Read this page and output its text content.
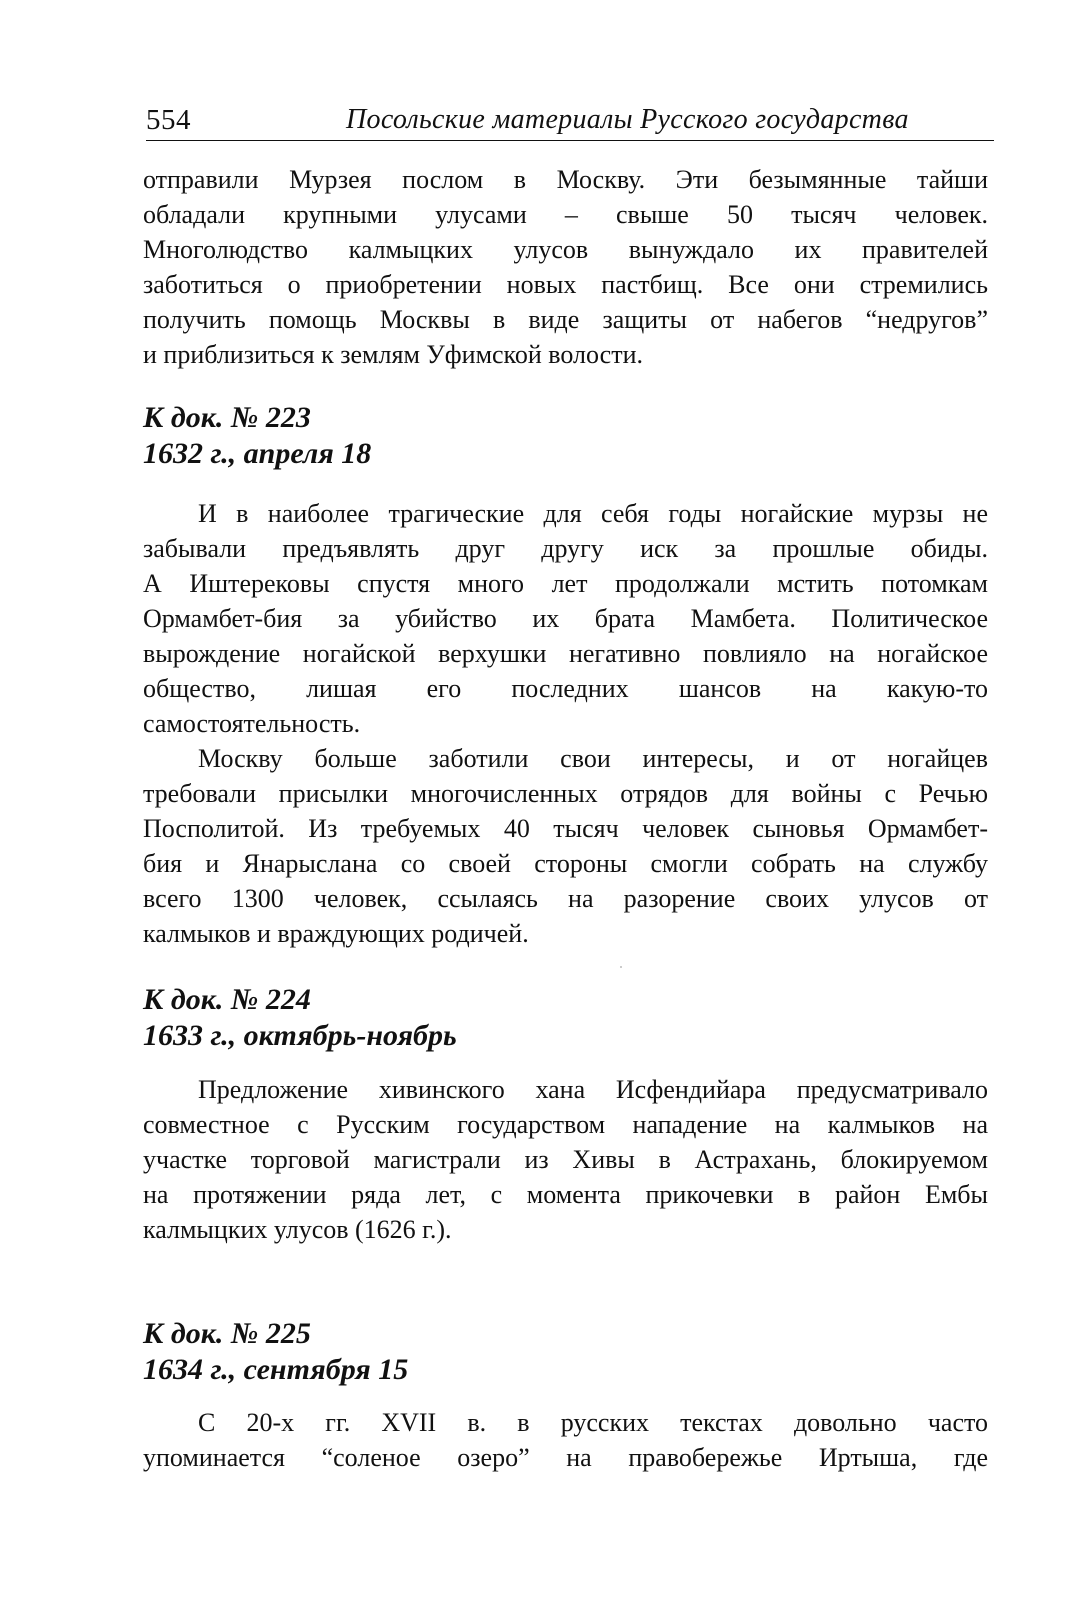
554	Посольские материалы Русского государства
отправили Мурзея послом в Москву. Эти безымянные тайши
обладали крупными улусами – свыше 50 тысяч человек.
Многолюдство калмыцких улусов вынуждало их правителей
заботиться о приобретении новых пастбищ. Все они стремились
получить помощь Москвы в виде защиты от набегов “недругов”
и приблизиться к землям Уфимской волости.
К док. № 223
1632 г., апреля 18
И в наиболее трагические для себя годы ногайские мурзы не
забывали предъявлять друг другу иск за прошлые обиды.
А Иштерековы спустя много лет продолжали мстить потомкам
Ормамбет-бия за убийство их брата Мамбета. Политическое
вырождение ногайской верхушки негативно повлияло на ногайское
общество, лишая его последних шансов на какую-то
самостоятельность.
Москву больше заботили свои интересы, и от ногайцев
требовали присылки многочисленных отрядов для войны с Речью
Посполитой. Из требуемых 40 тысяч человек сыновья Ормамбет-
бия и Янарыслана со своей стороны смогли собрать на службу
всего 1300 человек, ссылаясь на разорение своих улусов от
калмыков и враждующих родичей.
К док. № 224
1633 г., октябрь-ноябрь
Предложение хивинского хана Исфендийара предусматривало
совместное с Русским государством нападение на калмыков на
участке торговой магистрали из Хивы в Астрахань, блокируемом
на протяжении ряда лет, с момента прикочевки в район Ембы
калмыцких улусов (1626 г.).
К док. № 225
1634 г., сентября 15
С 20-х гг. XVII в. в русских текстах довольно часто
упоминается “соленое озеро” на правобережье Иртыша, где
